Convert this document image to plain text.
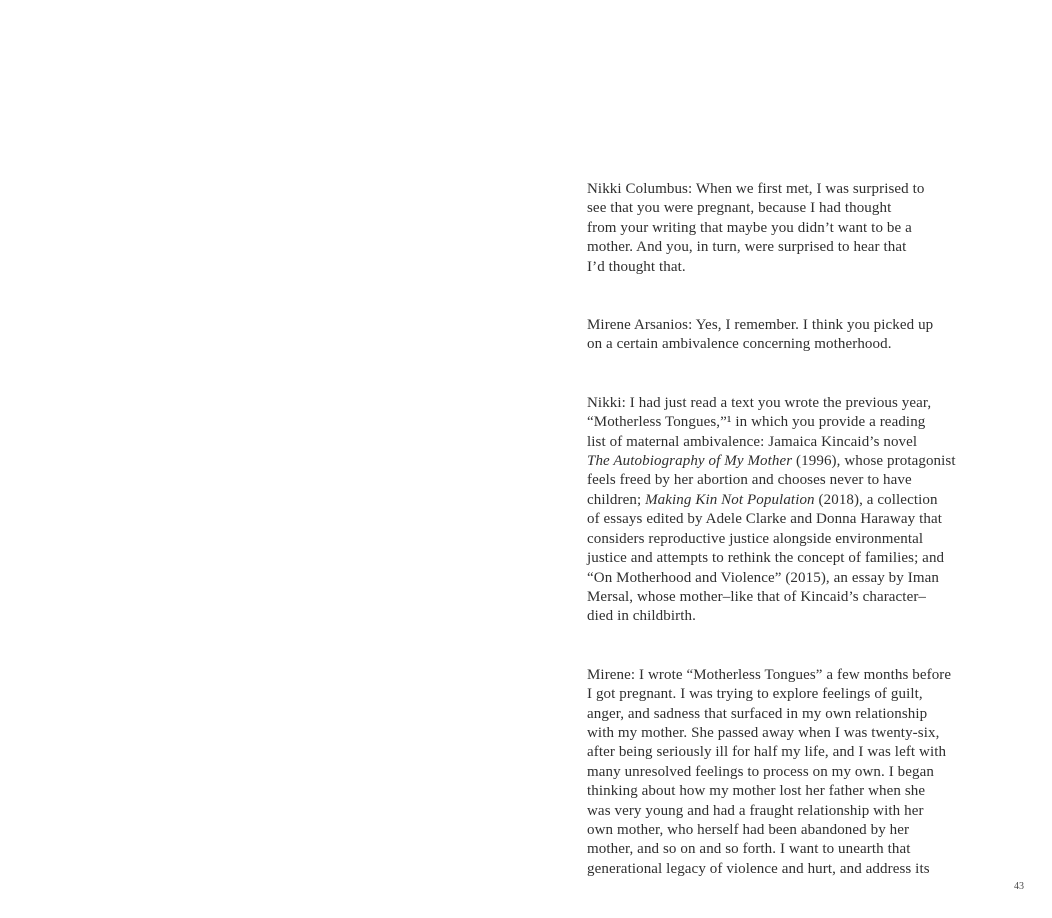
Nikki Columbus: When we first met, I was surprised to
see that you were pregnant, because I had thought
from your writing that maybe you didn’t want to be a
mother. And you, in turn, were surprised to hear that
I’d thought that.
Mirene Arsanios: Yes, I remember. I think you picked up
on a certain ambivalence concerning motherhood.
Nikki: I had just read a text you wrote the previous year,
“Motherless Tongues,”¹ in which you provide a reading
list of maternal ambivalence: Jamaica Kincaid’s novel
The Autobiography of My Mother (1996), whose protagonist
feels freed by her abortion and chooses never to have
children; Making Kin Not Population (2018), a collection
of essays edited by Adele Clarke and Donna Haraway that
considers reproductive justice alongside environmental
justice and attempts to rethink the concept of families; and
“On Motherhood and Violence” (2015), an essay by Iman
Mersal, whose mother–like that of Kincaid’s character–
died in childbirth.
Mirene: I wrote “Motherless Tongues” a few months before
I got pregnant. I was trying to explore feelings of guilt,
anger, and sadness that surfaced in my own relationship
with my mother. She passed away when I was twenty-six,
after being seriously ill for half my life, and I was left with
many unresolved feelings to process on my own. I began
thinking about how my mother lost her father when she
was very young and had a fraught relationship with her
own mother, who herself had been abandoned by her
mother, and so on and so forth. I want to unearth that
generational legacy of violence and hurt, and address its
43
